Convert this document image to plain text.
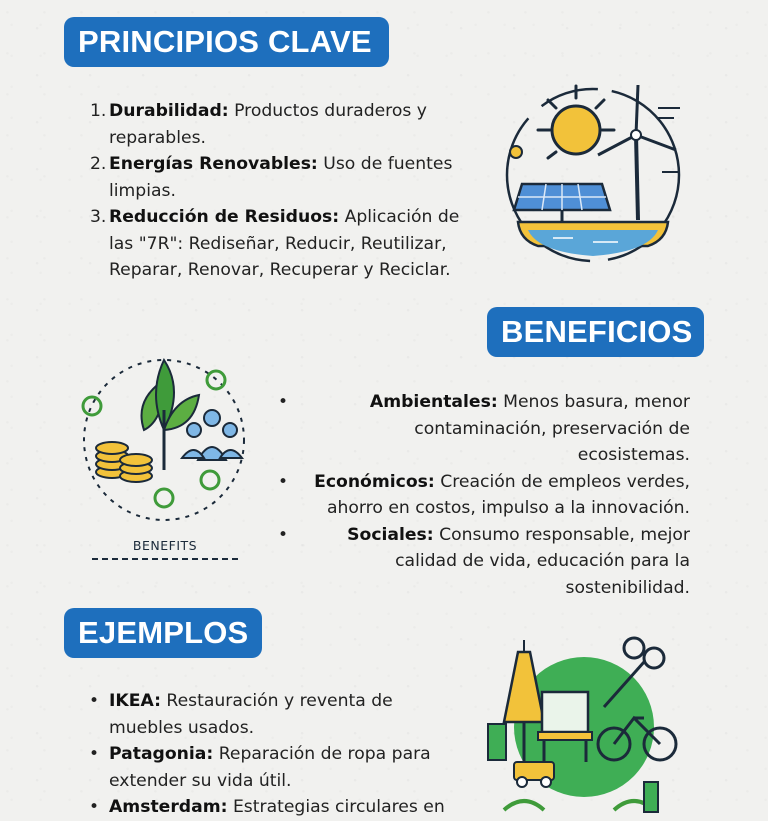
PRINCIPIOS CLAVE
1. Durabilidad: Productos duraderos y reparables.
2. Energías Renovables: Uso de fuentes limpias.
3. Reducción de Residuos: Aplicación de las "7R": Rediseñar, Reducir, Reutilizar, Reparar, Renovar, Recuperar y Reciclar.
BENEFICIOS
BENEFITS
•	Ambientales: Menos basura, menor contaminación, preservación de ecosistemas.
• Económicos: Creación de empleos verdes, ahorro en costos, impulso a la innovación.
•	Sociales: Consumo responsable, mejor calidad de vida, educación para la sostenibilidad.
EJEMPLOS
• IKEA: Restauración y reventa de muebles usados.
• Patagonia: Reparación de ropa para extender su vida útil.
• Amsterdam: Estrategias circulares en
